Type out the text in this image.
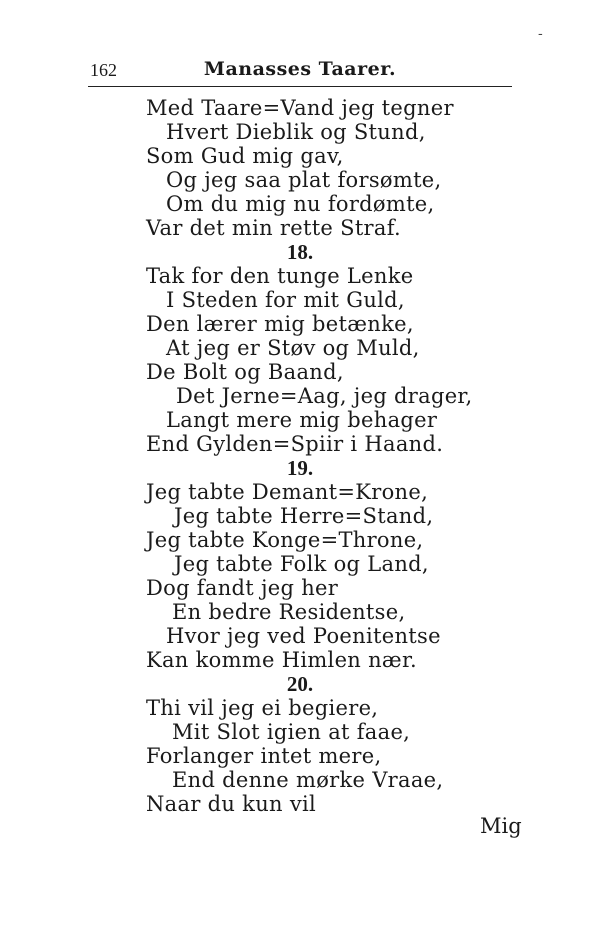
-
162	Manasses Taarer.
Med Taare=Vand jeg tegner
Hvert Dieblik og Stund,
Som Gud mig gav,
Og jeg saa plat forsømte,
Om du mig nu fordømte,
Var det min rette Straf.
18.
Tak for den tunge Lenke
I Steden for mit Guld,
Den lærer mig betænke,
At jeg er Støv og Muld,
De Bolt og Baand,
Det Jerne=Aag, jeg drager,
Langt mere mig behager
End Gylden=Spiir i Haand.
19.
Jeg tabte Demant=Krone,
Jeg tabte Herre=Stand,
Jeg tabte Konge=Throne,
Jeg tabte Folk og Land,
Dog fandt jeg her
En bedre Residentse,
Hvor jeg ved Poenitentse
Kan komme Himlen nær.
20.
Thi vil jeg ei begiere,
Mit Slot igien at faae,
Forlanger intet mere,
End denne mørke Vraae,
Naar du kun vil
Mig
